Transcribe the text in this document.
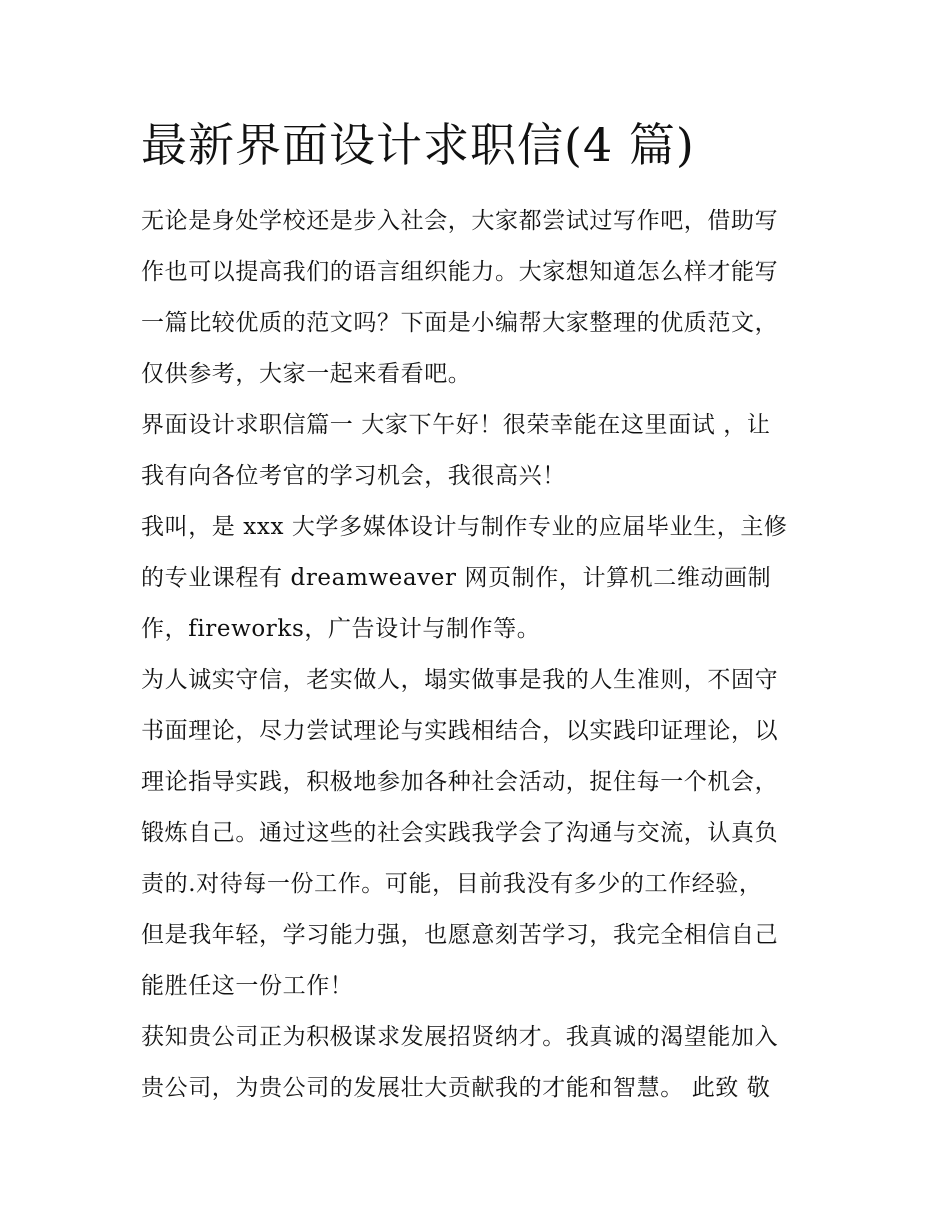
最新界面设计求职信(4 篇)
无论是身处学校还是步入社会，大家都尝试过写作吧，借助写
作也可以提高我们的语言组织能力。大家想知道怎么样才能写
一篇比较优质的范文吗？下面是小编帮大家整理的优质范文，
仅供参考，大家一起来看看吧。
界面设计求职信篇一 大家下午好！很荣幸能在这里面试 ，让
我有向各位考官的学习机会，我很高兴！
我叫，是 xxx 大学多媒体设计与制作专业的应届毕业生，主修
的专业课程有 dreamweaver 网页制作，计算机二维动画制
作，fireworks，广告设计与制作等。
为人诚实守信，老实做人，塌实做事是我的人生准则，不固守
书面理论，尽力尝试理论与实践相结合，以实践印证理论，以
理论指导实践，积极地参加各种社会活动，捉住每一个机会，
锻炼自己。通过这些的社会实践我学会了沟通与交流，认真负
责的.对待每一份工作。可能，目前我没有多少的工作经验，
但是我年轻，学习能力强，也愿意刻苦学习，我完全相信自己
能胜任这一份工作！
获知贵公司正为积极谋求发展招贤纳才。我真诚的渴望能加入
贵公司，为贵公司的发展壮大贡献我的才能和智慧。 此致 敬
